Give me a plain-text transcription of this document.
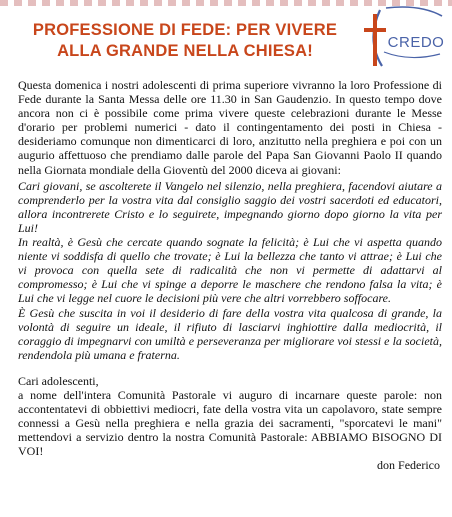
PROFESSIONE DI FEDE: PER VIVERE
ALLA GRANDE NELLA CHIESA!	CREDO

Questa domenica i nostri adolescenti di prima superiore vivranno la loro Professione di Fede durante la Santa Messa delle ore 11.30 in San Gaudenzio. In questo tempo dove ancora non ci è possibile come prima vivere queste celebrazioni durante le Messe d'orario per problemi numerici - dato il contingentamento dei posti in Chiesa - desideriamo comunque non dimenticarci di loro, anzitutto nella preghiera e poi con un augurio affettuoso che prendiamo dalle parole del Papa San Giovanni Paolo II quando nella Giornata mondiale della Gioventù del 2000 diceva ai giovani:

Cari giovani, se ascolterete il Vangelo nel silenzio, nella preghiera, facendovi aiutare a comprenderlo per la vostra vita dal consiglio saggio dei vostri sacerdoti ed educatori, allora incontrerete Cristo e lo seguirete, impegnando giorno dopo giorno la vita per Lui!

In realtà, è Gesù che cercate quando sognate la felicità; è Lui che vi aspetta quando niente vi soddisfa di quello che trovate; è Lui la bellezza che tanto vi attrae; è Lui che vi provoca con quella sete di radicalità che non vi permette di adattarvi al compromesso; è Lui che vi spinge a deporre le maschere che rendono falsa la vita; è Lui che vi legge nel cuore le decisioni più vere che altri vorrebbero soffocare.

È Gesù che suscita in voi il desiderio di fare della vostra vita qualcosa di grande, la volontà di seguire un ideale, il rifiuto di lasciarvi inghiottire dalla mediocrità, il coraggio di impegnarvi con umiltà e perseveranza per migliorare voi stessi e la società, rendendola più umana e fraterna.

Cari adolescenti,

a nome dell'intera Comunità Pastorale vi auguro di incarnare queste parole: non accontentatevi di obbiettivi mediocri, fate della vostra vita un capolavoro, state sempre connessi a Gesù nella preghiera e nella grazia dei sacramenti, "sporcatevi le mani" mettendovi a servizio dentro la nostra Comunità Pastorale: ABBIAMO BISOGNO DI VOI!

don Federico
